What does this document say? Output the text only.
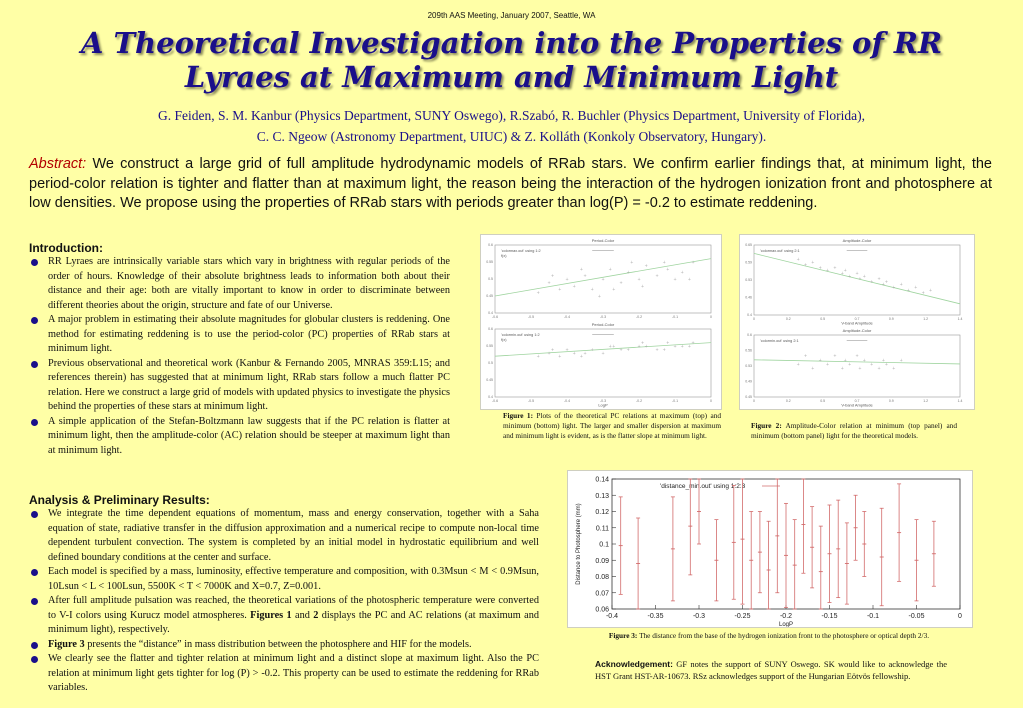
209th AAS Meeting, January 2007, Seattle, WA
A Theoretical Investigation into the Properties of RR Lyraes at Maximum and Minimum Light
G. Feiden, S. M. Kanbur (Physics Department, SUNY Oswego), R.Szabó, R. Buchler (Physics Department, University of Florida),
C. C. Ngeow (Astronomy Department, UIUC) & Z. Kolláth (Konkoly Observatory, Hungary).
Abstract: We construct a large grid of full amplitude hydrodynamic models of RRab stars. We confirm earlier findings that, at minimum light, the period-color relation is tighter and flatter than at maximum light, the reason being the interaction of the hydrogen ionization front and photosphere at low densities. We propose using the properties of RRab stars with periods greater than log(P) = -0.2 to estimate reddening.
Introduction:
RR Lyraes are intrinsically variable stars which vary in brightness with regular periods of the order of hours. Knowledge of their absolute brightness leads to information both about their distance and their age: both are vitally important to know in order to discriminate between different theories about the origin, structure and fate of our Universe.
A major problem in estimating their absolute magnitudes for globular clusters is reddening. One method for estimating reddening is to use the period-color (PC) properties of RRab stars at minimum light.
Previous observational and theoretical work (Kanbur & Fernando 2005, MNRAS 359:L15; and references therein) has suggested that at minimum light, RRab stars follow a much flatter PC relation. Here we construct a large grid of models with updated physics to investigate the physics behind the properties of these stars at minimum light.
A simple application of the Stefan-Boltzmann law suggests that if the PC relation is flatter at minimum light, then the amplitude-color (AC) relation should be steeper at maximum light than at minimum light.
Analysis & Preliminary Results:
We integrate the time dependent equations of momentum, mass and energy conservation, together with a Saha equation of state, radiative transfer in the diffusion approximation and a numerical recipe to compute non-local time dependent turbulent convection. The system is completed by an initial model in hydrostatic equilibrium and well defined boundary conditions at the center and surface.
Each model is specified by a mass, luminosity, effective temperature and composition, with 0.3Msun < M < 0.9Msun, 10Lsun < L < 100Lsun, 5500K < T < 7000K and X=0.7, Z=0.001.
After full amplitude pulsation was reached, the theoretical variations of the photospheric temperature were converted to V-I colors using Kurucz model atmospheres. Figures 1 and 2 displays the PC and AC relations (at maximum and minimum light), respectively.
Figure 3 presents the “distance” in mass distribution between the photosphere and HIF for the models.
We clearly see the flatter and tighter relation at minimum light and a distinct slope at maximum light. Also the PC relation at minimum light gets tighter for log (P) > -0.2. This property can be used to estimate the reddening for RRab variables.
Period-Color
'colormax.out' using 1:2
f(x)
+
+
+
+
+
+
+
+
+
+
+
+
+
+
+
+
+
+
+
+
+
+
+
+
+
+
-0.6	-0.5	-0.4	-0.3	-0.2	-0.1	0
0.4
0.45
0.5
0.55
0.6
Period-Color
'colormin.out' using 1:2
f(x)
+
+
+
+
+ +
+
+
+
+ +
+ +
+
+
+ +
+
+
+
+
+
+
+
-0.6	-0.5	-0.4	-0.3	-0.2	-0.1	0
0.4
0.45
0.5
0.55
0.6
LogP
Figure 1: Plots of the theoretical PC relations at maximum (top) and minimum (bottom) light. The larger and smaller dispersion at maximum and minimum light is evident, as is the flatter slope at minimum light.
Amplitude-Color
'colormax.out' using 2:1
+
+
+
+
+
+
+
+
+
+
+
+
+
+
+
+
+
+
+
+
+
+
0	0.2	0.5	0.7	0.9	1.2	1.4
0.4
0.46
0.53
0.59
0.65
V-band Amplitude
Amplitude-Color
'colormin.out' using 2:1
+
+
+
+
+
+
+
+
+
+
+
+
+
+
+
+
+
+
0	0.2	0.5	0.7	0.9	1.2	1.4
0.45
0.49
0.53
0.56
0.6
V-band Amplitude
Figure 2: Amplitude-Color relation at minimum (top panel) and minimum (bottom panel) light for the theoretical models.
0.06
0.07
0.08
0.09
0.1
0.11
0.12
0.13
0.14
-0.4	-0.35	-0.3	-0.25	-0.2	-0.15	-0.1	-0.05	0
Distance to Photosphere (mm)
LogP
'distance_min.out' using 1:2:3
Figure 3: The distance from the base of the hydrogen ionization front to the photosphere or optical depth 2/3.
Acknowledgement: GF notes the support of SUNY Oswego. SK would like to acknowledge the HST Grant HST-AR-10673. RSz acknowledges support of the Hungarian Eötvös fellowship.
